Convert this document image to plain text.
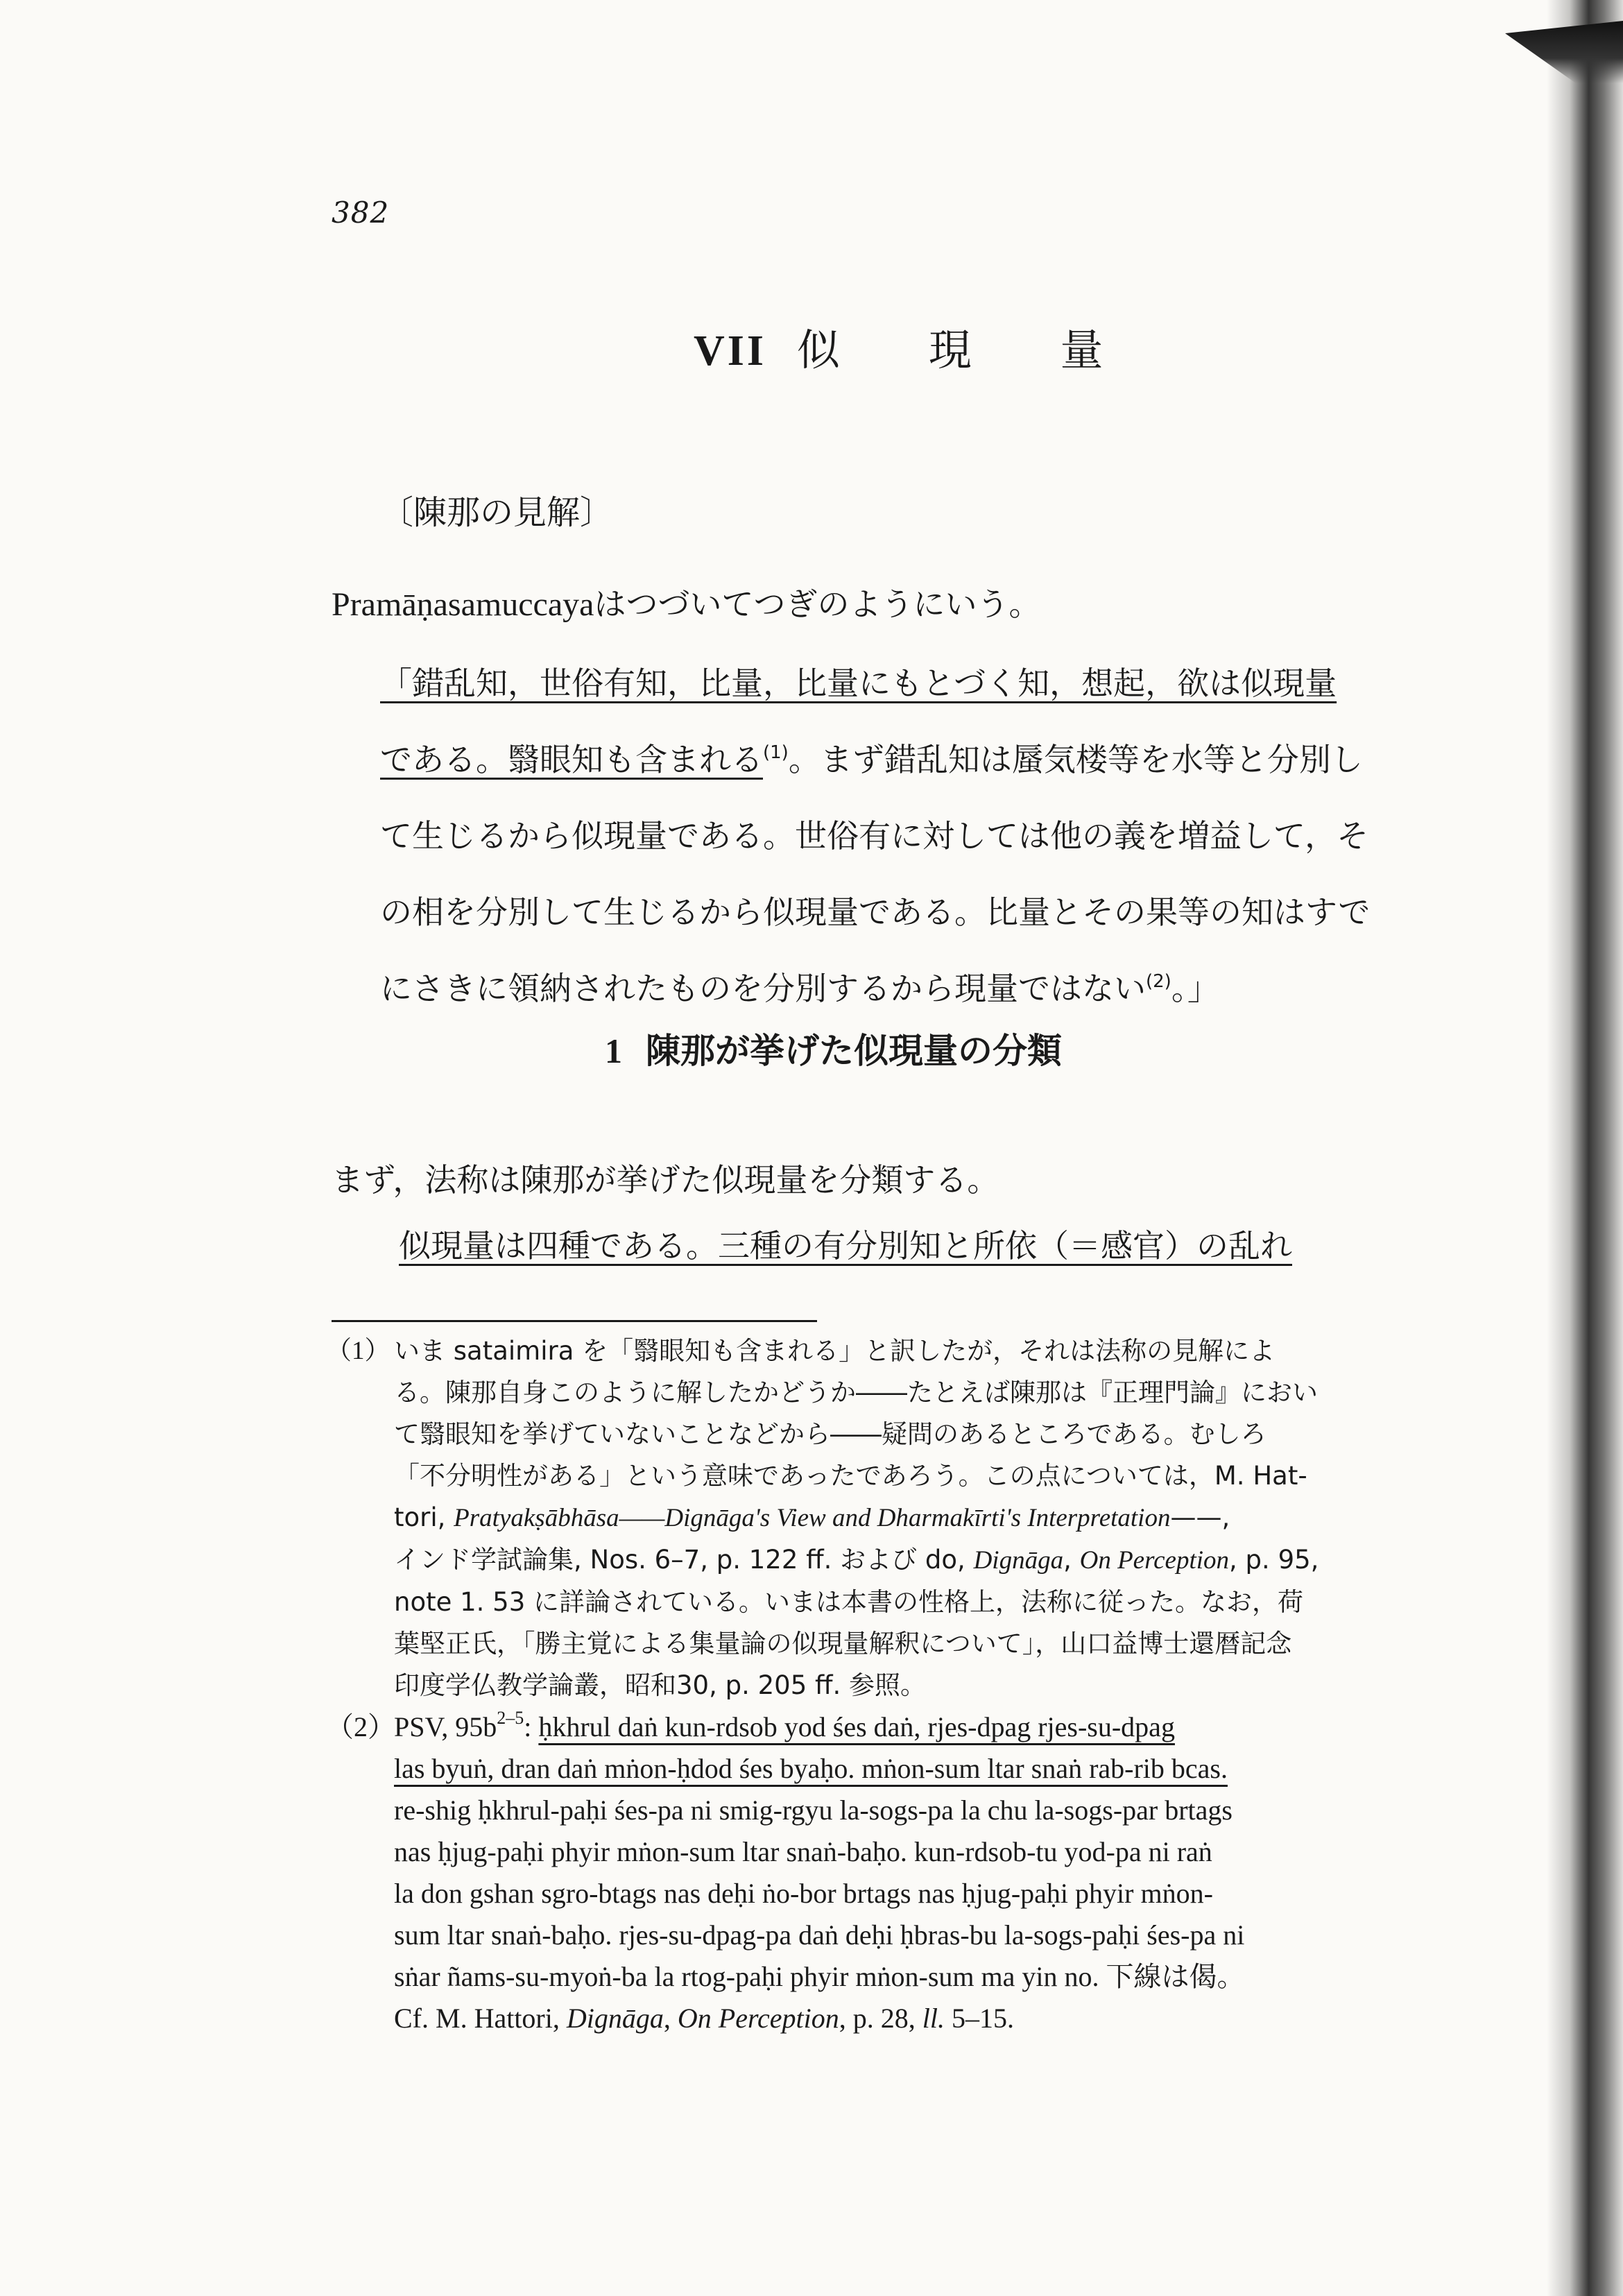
382
VII 似 現 量
〔陳那の見解〕
Pramāṇasamuccayaはつづいてつぎのようにいう。
「錯乱知，世俗有知，比量，比量にもとづく知，想起，欲は似現量
である。翳眼知も含まれる$^{(1)}$。まず錯乱知は蜃気楼等を水等と分別し
て生じるから似現量である。世俗有に対しては他の義を増益して，そ
の相を分別して生じるから似現量である。比量とその果等の知はすで
にさきに領納されたものを分別するから現量ではない$^{(2)}$。」
1 陳那が挙げた似現量の分類
まず，法称は陳那が挙げた似現量を分類する。
似現量は四種である。三種の有分別知と所依（＝感官）の乱れ
（1） いま sataimira を「翳眼知も含まれる」と訳したが，それは法称の見解によ
る。陳那自身このように解したかどうか――たとえば陳那は『正理門論』におい
て翳眼知を挙げていないことなどから――疑問のあるところである。むしろ
「不分明性がある」という意味であったであろう。この点については，M. Hat-
tori, Pratyakṣābhāsa——Dignāga's View and Dharmakīrti's Interpretation——,
インド学試論集, Nos. 6–7, p. 122 ff. および do, Dignāga, On Perception, p. 95,
note 1. 53 に詳論されている。いまは本書の性格上，法称に従った。なお，荷
葉堅正氏，「勝主覚による集量論の似現量解釈について」，山口益博士還暦記念
印度学仏教学論叢，昭和30, p. 205 ff. 参照。
（2）
PSV, $95b^{2-5}$: ḥkhrul daṅ kun-rdsob yod śes daṅ, rjes-dpag rjes-su-dpag
las byuṅ, dran daṅ mṅon-ḥdod śes byaḥo. mṅon-sum ltar snaṅ rab-rib bcas.
re-shig ḥkhrul-paḥi śes-pa ni smig-rgyu la-sogs-pa la chu la-sogs-par brtags
nas ḥjug-paḥi phyir mṅon-sum ltar snaṅ-baḥo. kun-rdsob-tu yod-pa ni raṅ
la don gshan sgro-btags nas deḥi ṅo-bor brtags nas ḥjug-paḥi phyir mṅon-
sum ltar snaṅ-baḥo. rjes-su-dpag-pa daṅ deḥi ḥbras-bu la-sogs-paḥi śes-pa ni
sṅar ñams-su-myoṅ-ba la rtog-paḥi phyir mṅon-sum ma yin no. 下線は偈。
Cf. M. Hattori, Dignāga, On Perception, p. 28, ll. 5–15.
